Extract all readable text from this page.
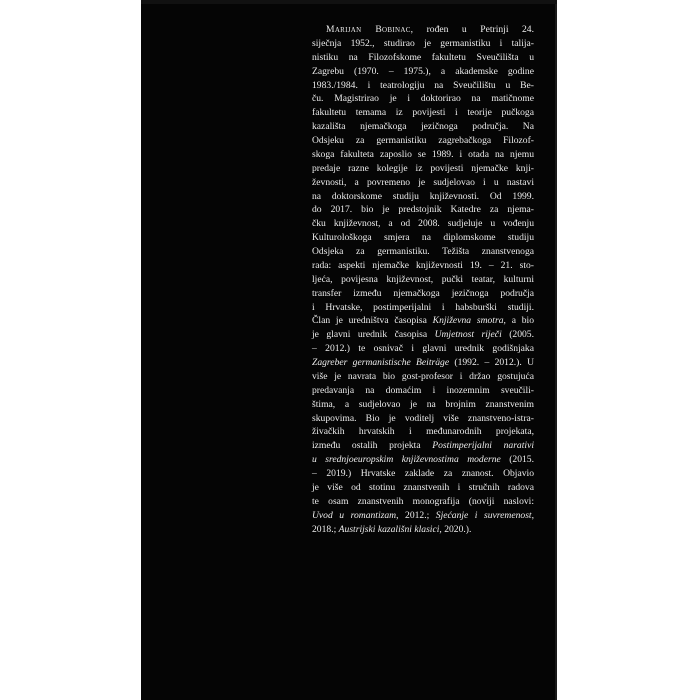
Marijan Bobinac, rođen u Petrinji 24.
siječnja 1952., studirao je germanistiku i talija-
nistiku na Filozofskome fakultetu Sveučilišta u
Zagrebu (1970. – 1975.), a akademske godine
1983./1984. i teatrologiju na Sveučilištu u Be-
ču. Magistrirao je i doktorirao na matičnome
fakultetu temama iz povijesti i teorije pučkoga
kazališta njemačkoga jezičnoga područja. Na
Odsjeku za germanistiku zagrebačkoga Filozof-
skoga fakulteta zaposlio se 1989. i otada na njemu
predaje razne kolegije iz povijesti njemačke knji-
ževnosti, a povremeno je sudjelovao i u nastavi
na doktorskome studiju književnosti. Od 1999.
do 2017. bio je predstojnik Katedre za njema-
čku književnost, a od 2008. sudjeluje u vođenju
Kulturološkoga smjera na diplomskome studiju
Odsjeka za germanistiku. Težišta znanstvenoga
rada: aspekti njemačke književnosti 19. – 21. sto-
ljeća, povijesna književnost, pučki teatar, kulturni
transfer između njemačkoga jezičnoga područja
i Hrvatske, postimperijalni i habsburški studiji.
Član je uredništva časopisa Književna smotra, a bio
je glavni urednik časopisa Umjetnost riječi (2005.
– 2012.) te osnivač i glavni urednik godišnjaka
Zagreber germanistische Beiträge (1992. – 2012.). U
više je navrata bio gost-profesor i držao gostujuća
predavanja na domaćim i inozemnim sveučili-
štima, a sudjelovao je na brojnim znanstvenim
skupovima. Bio je voditelj više znanstveno-istra-
živačkih hrvatskih i međunarodnih projekata,
između ostalih projekta Postimperijalni narativi
u srednjoeuropskim književnostima moderne (2015.
– 2019.) Hrvatske zaklade za znanost. Objavio
je više od stotinu znanstvenih i stručnih radova
te osam znanstvenih monografija (noviji naslovi:
Uvod u romantizam, 2012.; Sjećanje i suvremenost,
2018.; Austrijski kazališni klasici, 2020.).
